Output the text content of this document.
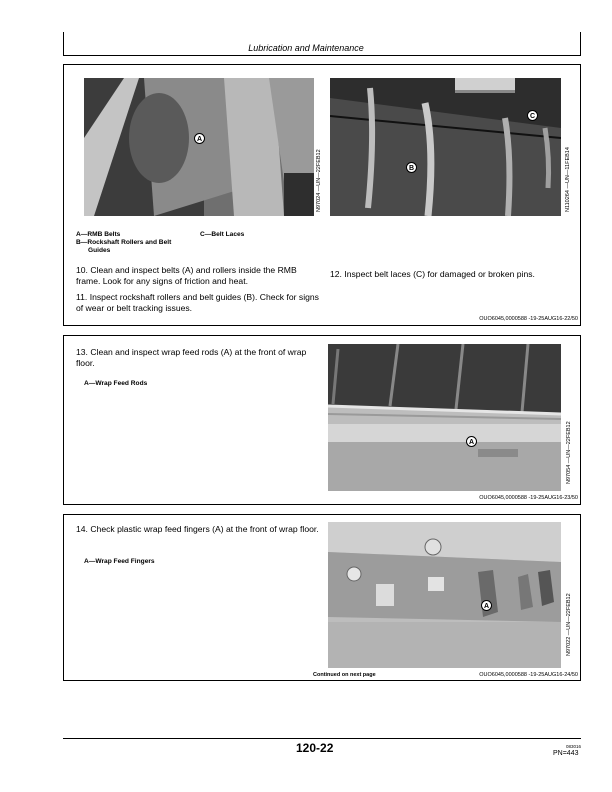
Lubrication and Maintenance
A
N97024 —UN—22FEB12	B
C
N110264 —UN—11FEB14
A—RMB Belts	C—Belt Laces
B—Rockshaft Rollers and Belt
Guides
10. Clean and inspect belts (A) and rollers inside the RMB frame. Look for any signs of friction and heat.
11. Inspect rockshaft rollers and belt guides (B). Check for signs of wear or belt tracking issues.
12. Inspect belt laces (C) for damaged or broken pins.
OUO6045,0000588 -19-25AUG16-22/50
13. Clean and inspect wrap feed rods (A) at the front of wrap floor.
A—Wrap Feed Rods
A	N97054 —UN—22FEB12
OUO6045,0000588 -19-25AUG16-23/50
14. Check plastic wrap feed fingers (A) at the front of wrap floor.
A—Wrap Feed Fingers
A	N97022 —UN—22FEB12
Continued on next page	OUO6045,0000588 -19-25AUG16-24/50
120-22	083016
PN=443
